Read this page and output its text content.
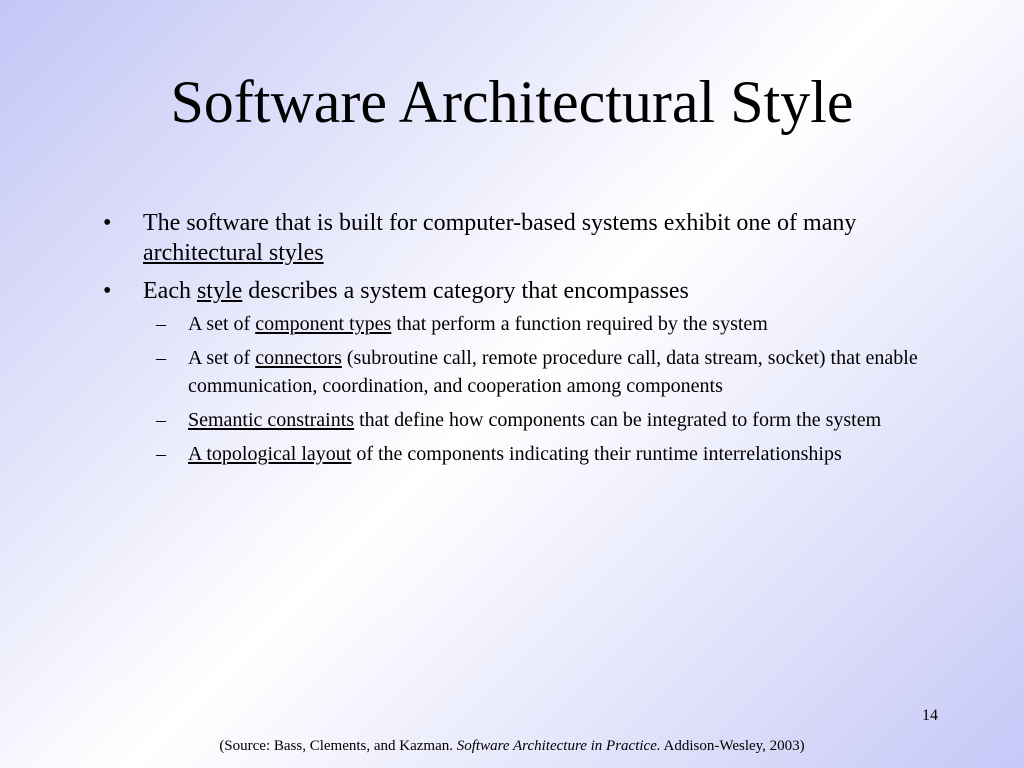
Software Architectural Style
• The software that is built for computer-based systems exhibit one of many architectural styles
• Each style describes a system category that encompasses
– A set of component types that perform a function required by the system
– A set of connectors (subroutine call, remote procedure call, data stream, socket) that enable communication, coordination, and cooperation among components
– Semantic constraints that define how components can be integrated to form the system
– A topological layout of the components indicating their runtime interrelationships
14
(Source: Bass, Clements, and Kazman. Software Architecture in Practice. Addison-Wesley, 2003)
